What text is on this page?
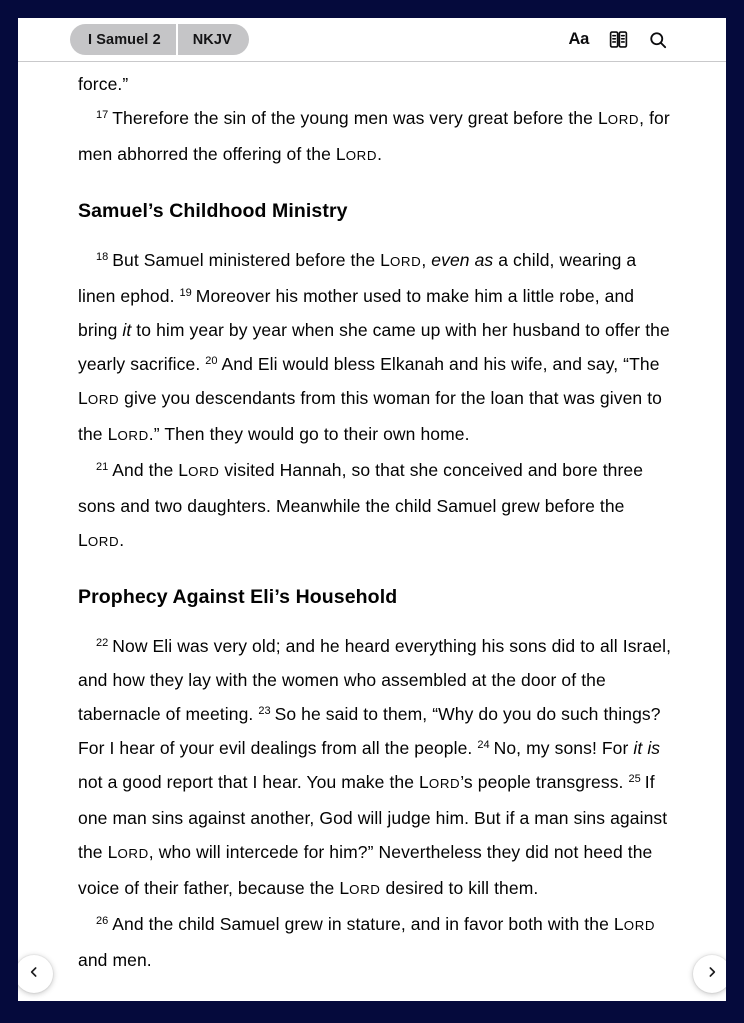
I Samuel 2	NKJV	Aa

force.”

$^{17}$ Therefore the sin of the young men was very great before the LORD, for men abhorred the offering of the LORD.

Samuel’s Childhood Ministry

$^{18}$ But Samuel ministered before the LORD, even as a child, wearing a linen ephod. $^{19}$ Moreover his mother used to make him a little robe, and bring it to him year by year when she came up with her husband to offer the yearly sacrifice. $^{20}$ And Eli would bless Elkanah and his wife, and say, “The LORD give you descendants from this woman for the loan that was given to the LORD.” Then they would go to their own home.

$^{21}$ And the LORD visited Hannah, so that she conceived and bore three sons and two daughters. Meanwhile the child Samuel grew before the LORD.

Prophecy Against Eli’s Household

$^{22}$ Now Eli was very old; and he heard everything his sons did to all Israel, and how they lay with the women who assembled at the door of the tabernacle of meeting. $^{23}$ So he said to them, “Why do you do such things? For I hear of your evil dealings from all the people. $^{24}$ No, my sons! For it is not a good report that I hear. You make the LORD’s people transgress. $^{25}$ If one man sins against another, God will judge him. But if a man sins against the LORD, who will intercede for him?” Nevertheless they did not heed the voice of their father, because the LORD desired to kill them.

$^{26}$ And the child Samuel grew in stature, and in favor both with the LORD and men.
